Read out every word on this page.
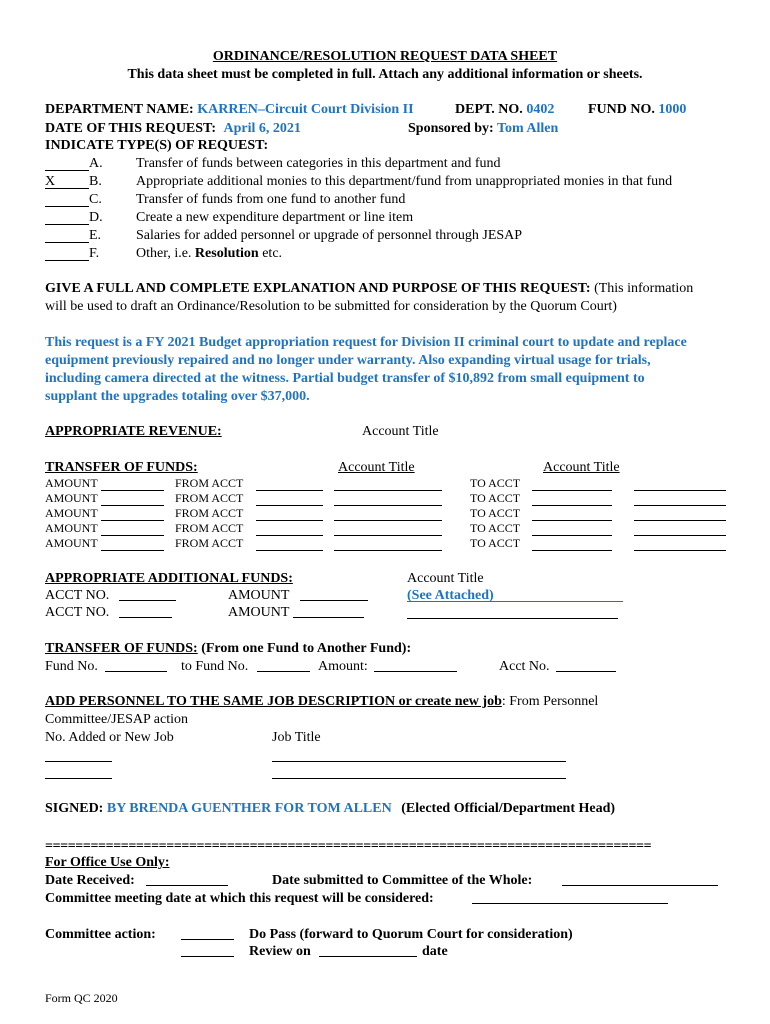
ORDINANCE/RESOLUTION REQUEST DATA SHEET
This data sheet must be completed in full. Attach any additional information or sheets.
DEPARTMENT NAME: KARREN–Circuit Court Division II	DEPT. NO. 0402 FUND NO. 1000
DATE OF THIS REQUEST: April 6, 2021	Sponsored by: Tom Allen
INDICATE TYPE(S) OF REQUEST:
A. Transfer of funds between categories in this department and fund
X	B. Appropriate additional monies to this department/fund from unappropriated monies in that fund
C. Transfer of funds from one fund to another fund
D. Create a new expenditure department or line item
E. Salaries for added personnel or upgrade of personnel through JESAP
F.	Other, i.e. Resolution etc.
GIVE A FULL AND COMPLETE EXPLANATION AND PURPOSE OF THIS REQUEST: (This information
will be used to draft an Ordinance/Resolution to be submitted for consideration by the Quorum Court)
This request is a FY 2021 Budget appropriation request for Division II criminal court to update and replace
equipment previously repaired and no longer under warranty. Also expanding virtual usage for trials,
including camera directed at the witness. Partial budget transfer of $10,892 from small equipment to
supplant the upgrades totaling over $37,000.
APPROPRIATE REVENUE:	Account Title
TRANSFER OF FUNDS:	Account Title	Account Title
AMOUNT	FROM ACCT	TO ACCT
AMOUNT	FROM ACCT	TO ACCT
AMOUNT	FROM ACCT	TO ACCT
AMOUNT	FROM ACCT	TO ACCT
AMOUNT	FROM ACCT	TO ACCT
APPROPRIATE ADDITIONAL FUNDS:	Account Title
ACCT NO.	AMOUNT	(See Attached)
ACCT NO.	AMOUNT
TRANSFER OF FUNDS: (From one Fund to Another Fund):
Fund No.	to Fund No.	Amount:	Acct No.
ADD PERSONNEL TO THE SAME JOB DESCRIPTION or create new job: From Personnel
Committee/JESAP action
No. Added or New Job	Job Title
SIGNED: BY BRENDA GUENTHER FOR TOM ALLEN (Elected Official/Department Head)
================================================================================
For Office Use Only:
Date Received:	Date submitted to Committee of the Whole:
Committee meeting date at which this request will be considered:
Committee action:	Do Pass (forward to Quorum Court for consideration)
Review on	date
Form QC 2020
